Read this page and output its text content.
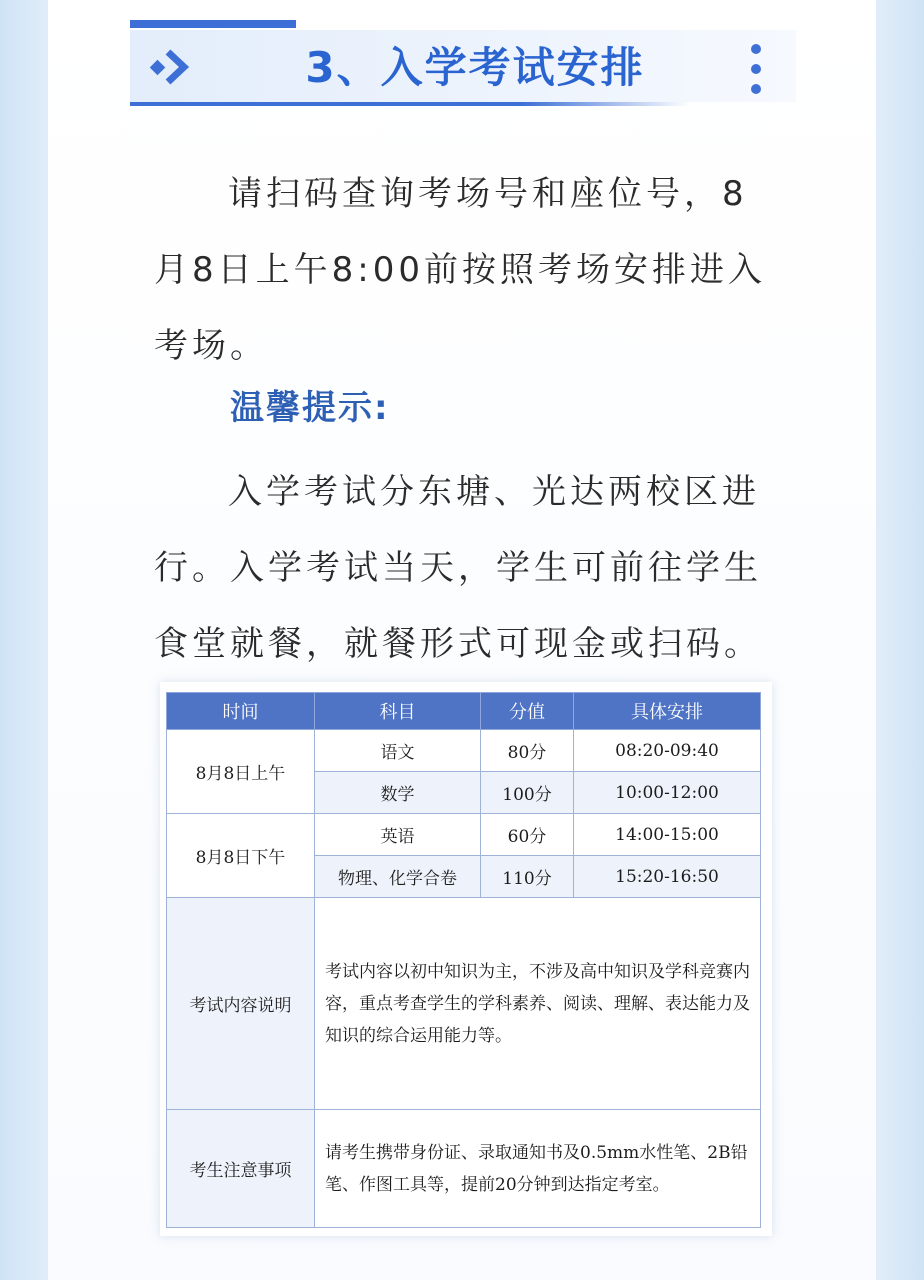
3、入学考试安排
请扫码查询考场号和座位号，8月8日上午8:00前按照考场安排进入考场。
温馨提示:
入学考试分东塘、光达两校区进行。入学考试当天，学生可前往学生食堂就餐，就餐形式可现金或扫码。
时间	科目	分值	具体安排
8月8日上午	语文	80分	08:20-09:40
	数学	100分	10:00-12:00
8月8日下午	英语	60分	14:00-15:00
	物理、化学合卷	110分	15:20-16:50
考试内容说明	考试内容以初中知识为主，不涉及高中知识及学科竞赛内容，重点考查学生的学科素养、阅读、理解、表达能力及知识的综合运用能力等。		
考生注意事项	请考生携带身份证、录取通知书及0.5mm水性笔、2B铅笔、作图工具等，提前20分钟到达指定考室。		
